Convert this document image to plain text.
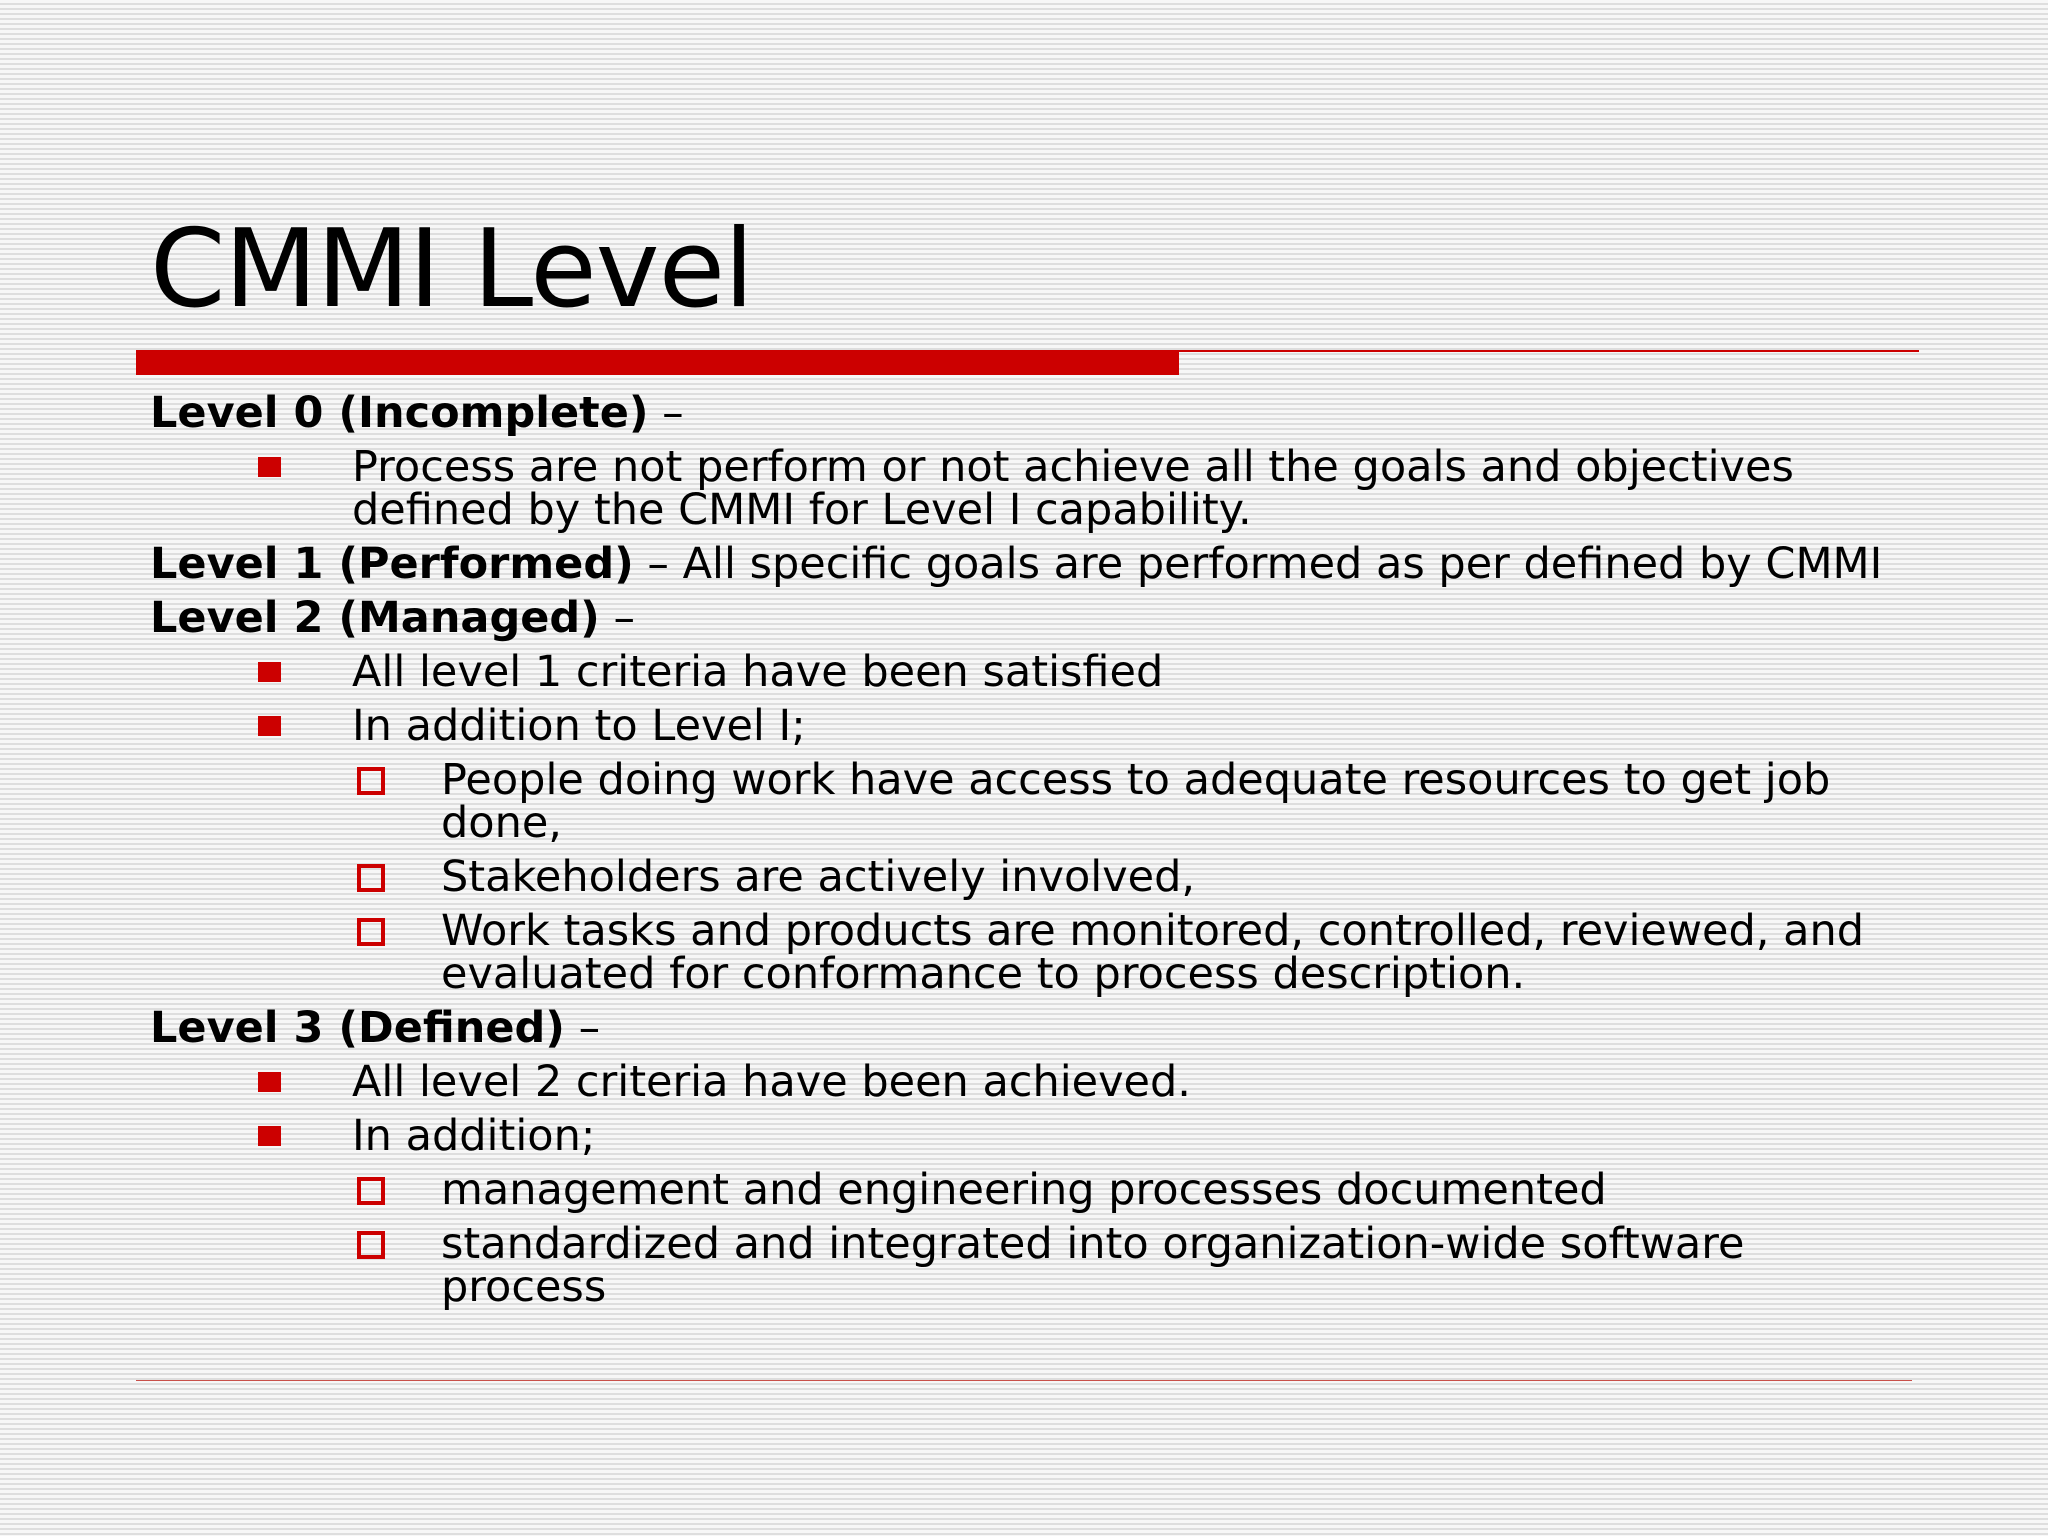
CMMI Level
Level 0 (Incomplete) –
Process are not perform or not achieve all the goals and objectives defined by the CMMI for Level I capability.
Level 1 (Performed) – All specific goals are performed as per defined by CMMI
Level 2 (Managed) –
All level 1 criteria have been satisfied
In addition to Level I;
People doing work have access to adequate resources to get job done,
Stakeholders are actively involved,
Work tasks and products are monitored, controlled, reviewed, and evaluated for conformance to process description.
Level 3 (Defined) –
All level 2 criteria have been achieved.
In addition;
management and engineering processes documented
standardized and integrated into organization-wide software process
